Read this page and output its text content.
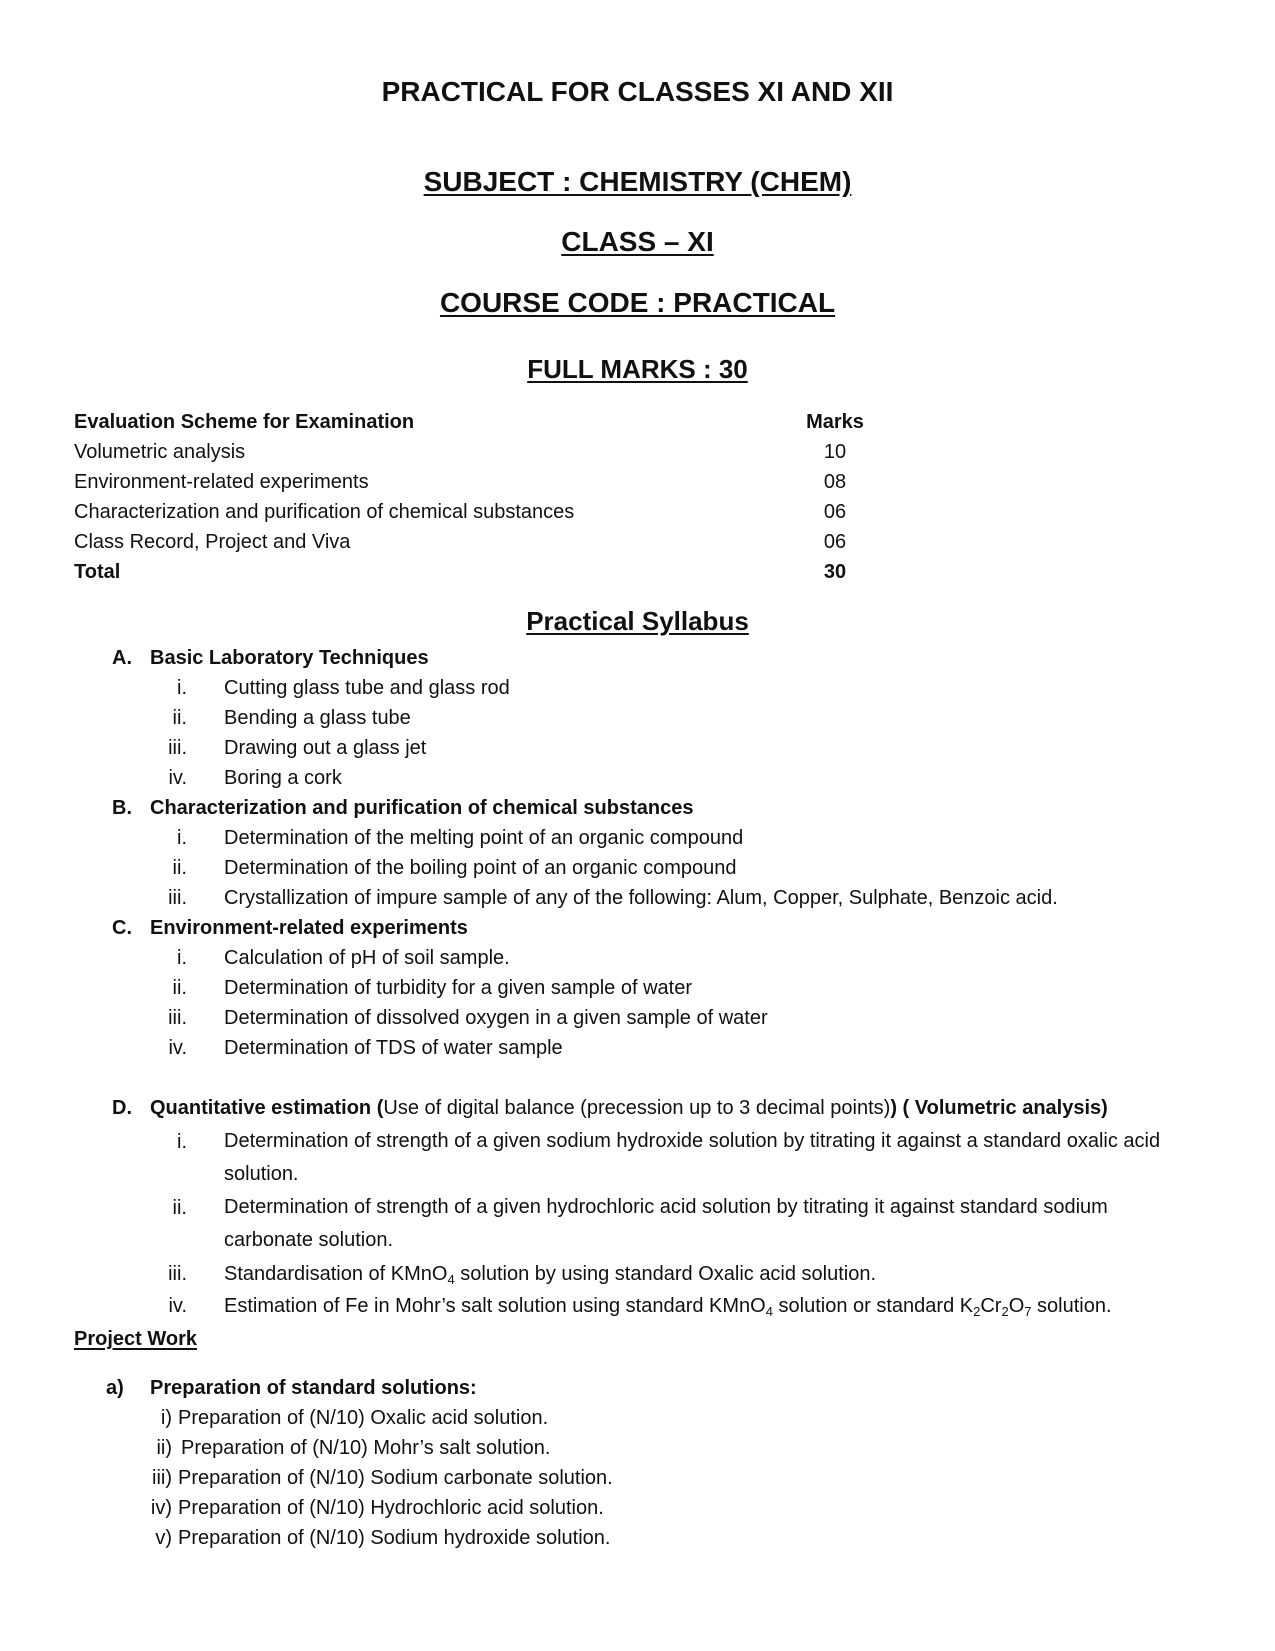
PRACTICAL FOR CLASSES XI AND XII
SUBJECT : CHEMISTRY (CHEM)
CLASS – XI
COURSE CODE : PRACTICAL
FULL MARKS : 30
Evaluation Scheme for Examination	Marks
Volumetric analysis	10
Environment-related experiments	08
Characterization and purification of chemical substances	06
Class Record, Project and Viva	06
Total	30
Practical Syllabus
A. Basic Laboratory Techniques
i. Cutting glass tube and glass rod
ii. Bending a glass tube
iii. Drawing out a glass jet
iv. Boring a cork
B. Characterization and purification of chemical substances
i. Determination of the melting point of an organic compound
ii. Determination of the boiling point of an organic compound
iii. Crystallization of impure sample of any of the following: Alum, Copper, Sulphate, Benzoic acid.
C. Environment-related experiments
i. Calculation of pH of soil sample.
ii. Determination of turbidity for a given sample of water
iii. Determination of dissolved oxygen in a given sample of water
iv. Determination of TDS of water sample
D. Quantitative estimation (Use of digital balance (precession up to 3 decimal points)) ( Volumetric analysis)
i. Determination of strength of a given sodium hydroxide solution by titrating it against a standard oxalic acid solution.
ii. Determination of strength of a given hydrochloric acid solution by titrating it against standard sodium carbonate solution.
iii. Standardisation of KMnO$_4$ solution by using standard Oxalic acid solution.
iv. Estimation of Fe in Mohr’s salt solution using standard KMnO$_4$ solution or standard $K_2Cr_2O_7$ solution.
Project Work
a) Preparation of standard solutions:
i) Preparation of (N/10) Oxalic acid solution.
ii) Preparation of (N/10) Mohr’s salt solution.
iii) Preparation of (N/10) Sodium carbonate solution.
iv) Preparation of (N/10) Hydrochloric acid solution.
v) Preparation of (N/10) Sodium hydroxide solution.
